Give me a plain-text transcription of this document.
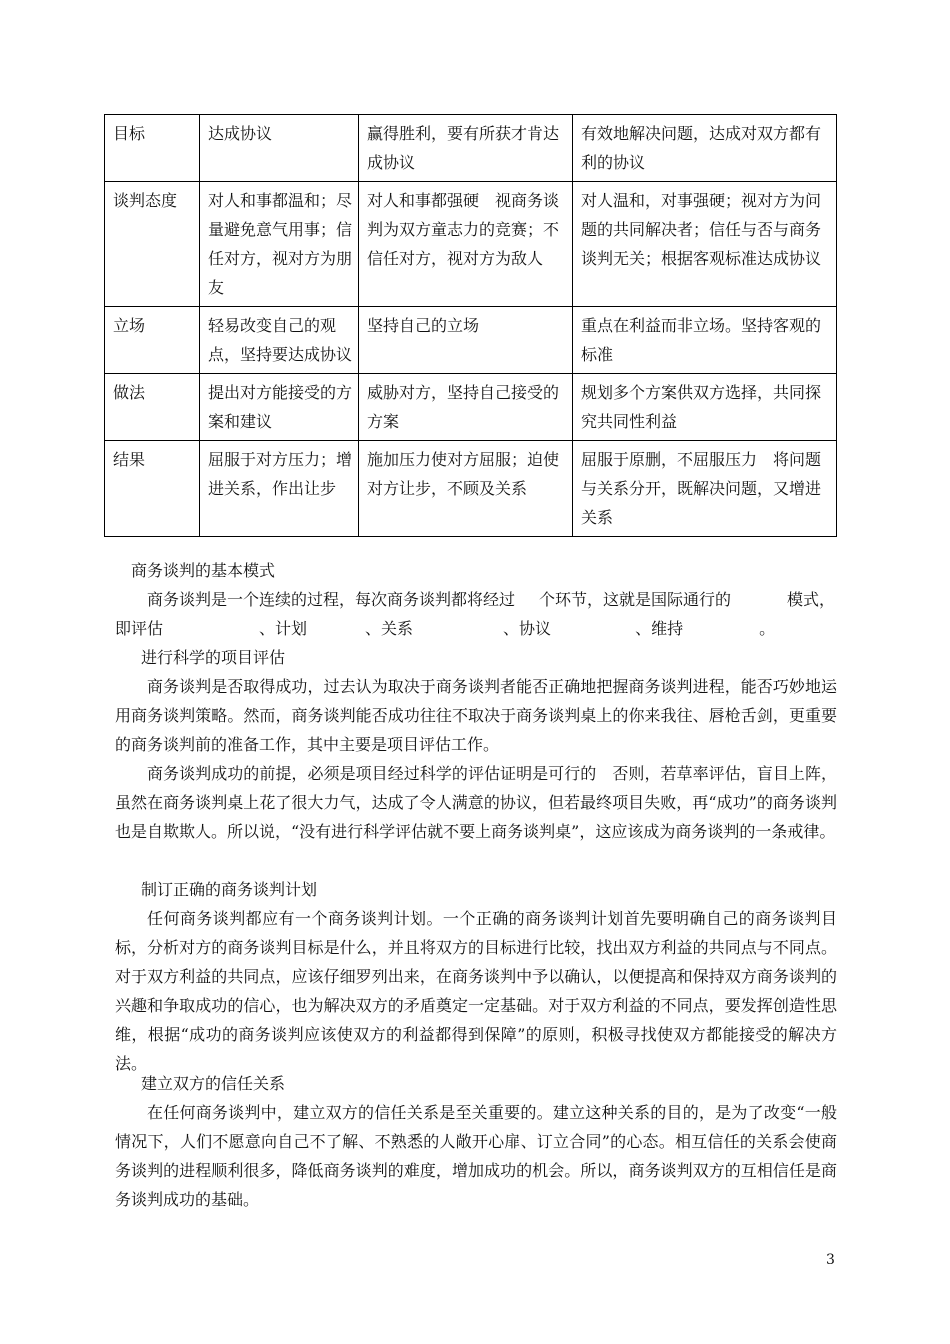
目标	达成协议	赢得胜利，要有所获才肯达成协议	有效地解决问题，达成对双方都有利的协议
谈判态度	对人和事都温和；尽量避免意气用事；信任对方，视对方为朋友	对人和事都强硬　视商务谈判为双方童志力的竞赛；不信任对方，视对方为敌人	对人温和，对事强硬；视对方为问题的共同解决者；信任与否与商务谈判无关；根据客观标准达成协议
立场	轻易改变自己的观点，坚持要达成协议	坚持自己的立场	重点在利益而非立场。坚持客观的标准
做法	提出对方能接受的方案和建议	威胁对方，坚持自己接受的方案	规划多个方案供双方选择，共同探究共同性利益
结果	屈服于对方压力；增进关系，作出让步	施加压力使对方屈服；迫使对方让步，不顾及关系	屈服于原删，不屈服压力　将问题与关系分开，既解决问题，又增进关系
商务谈判的基本模式
商务谈判是一个连续的过程，每次商务谈判都将经过 个环节，这就是国际通行的	模式，
即评估	、计划	、关系	、协议	、维持	。
进行科学的项目评估
商务谈判是否取得成功，过去认为取决于商务谈判者能否正确地把握商务谈判进程，能否巧妙地运用商务谈判策略。然而，商务谈判能否成功往往不取决于商务谈判桌上的你来我往、唇枪舌剑，更重要的商务谈判前的准备工作，其中主要是项目评估工作。
商务谈判成功的前提，必须是项目经过科学的评估证明是可行的　否则，若草率评估，盲目上阵，虽然在商务谈判桌上花了很大力气，达成了令人满意的协议，但若最终项目失败，再“成功”的商务谈判也是自欺欺人。所以说，“没有进行科学评估就不要上商务谈判桌”，这应该成为商务谈判的一条戒律。
制订正确的商务谈判计划
任何商务谈判都应有一个商务谈判计划。一个正确的商务谈判计划首先要明确自己的商务谈判目标，分析对方的商务谈判目标是什么，并且将双方的目标进行比较，找出双方利益的共同点与不同点。对于双方利益的共同点，应该仔细罗列出来，在商务谈判中予以确认，以便提高和保持双方商务谈判的兴趣和争取成功的信心，也为解决双方的矛盾奠定一定基础。对于双方利益的不同点，要发挥创造性思维，根据“成功的商务谈判应该使双方的利益都得到保障”的原则，积极寻找使双方都能接受的解决方法。
建立双方的信任关系
在任何商务谈判中，建立双方的信任关系是至关重要的。建立这种关系的目的，是为了改变“一般情况下，人们不愿意向自己不了解、不熟悉的人敞开心扉、订立合同”的心态。相互信任的关系会使商务谈判的进程顺利很多，降低商务谈判的难度，增加成功的机会。所以，商务谈判双方的互相信任是商务谈判成功的基础。
3
